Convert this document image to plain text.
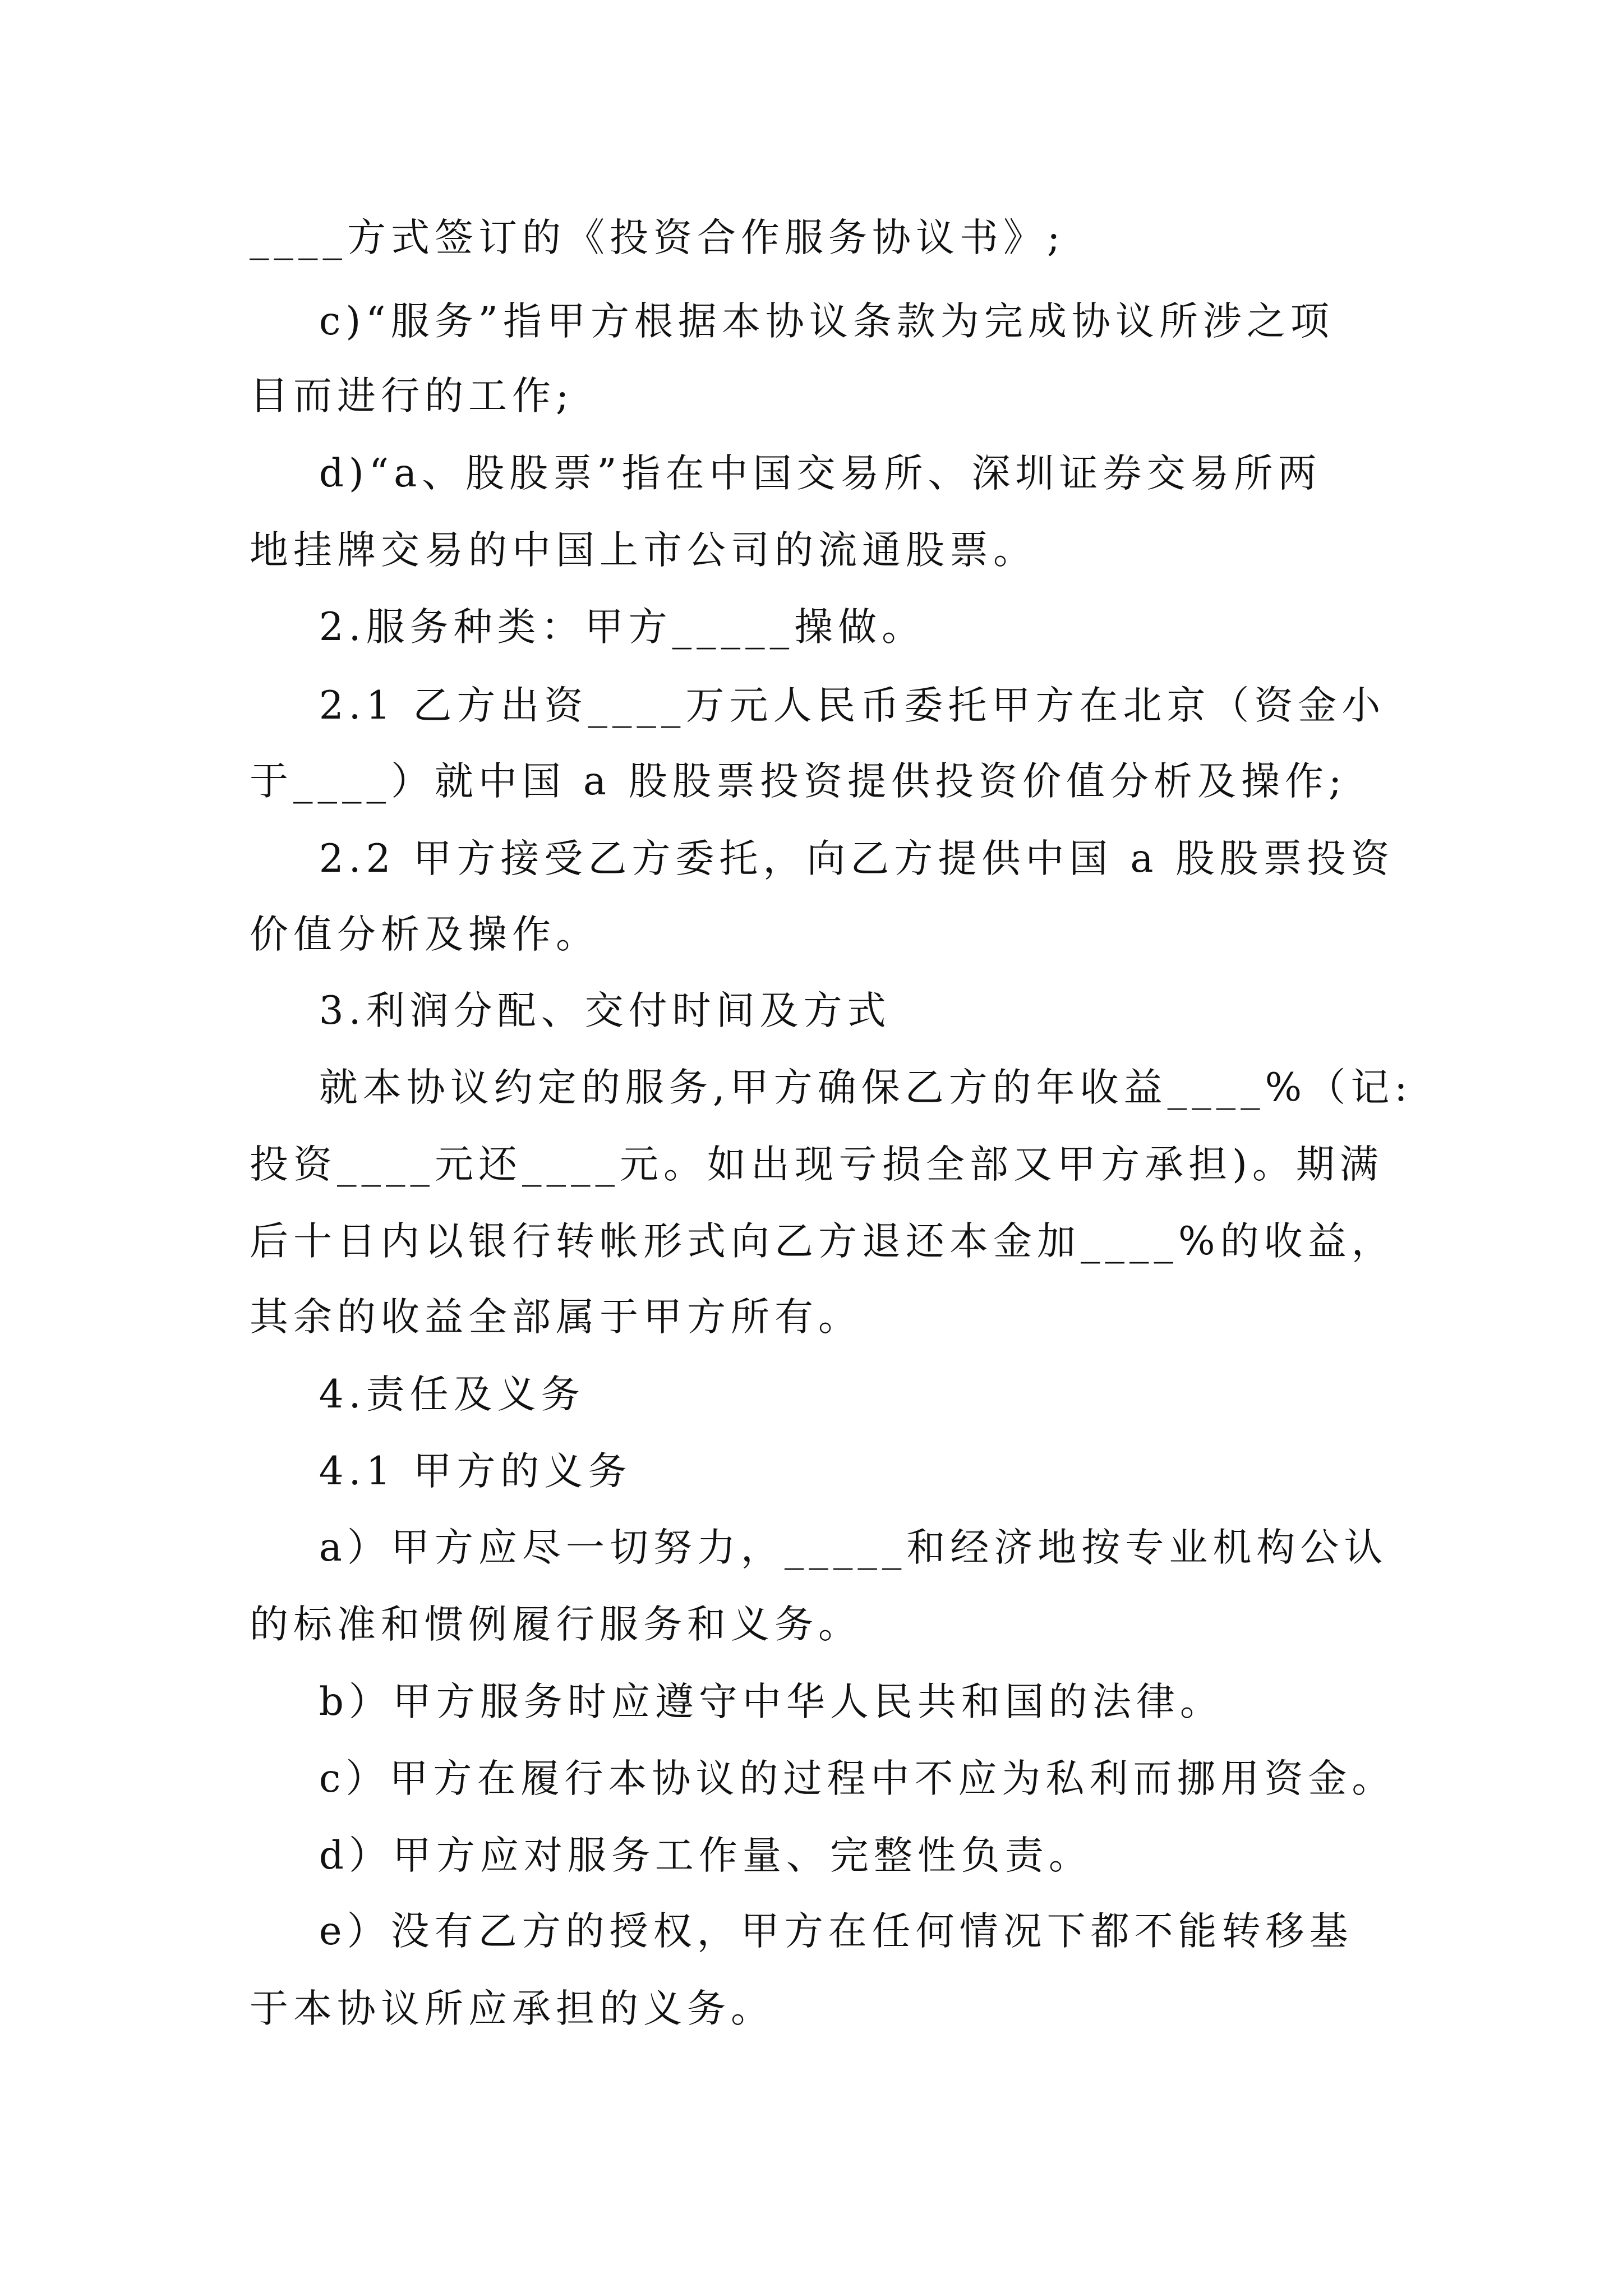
____方式签订的《投资合作服务协议书》;
c)“服务”指甲方根据本协议条款为完成协议所涉之项
目而进行的工作;
d)“a、股股票”指在中国交易所、深圳证券交易所两
地挂牌交易的中国上市公司的流通股票。
2.服务种类：甲方_____操做。
2.1 乙方出资____万元人民币委托甲方在北京（资金小
于____）就中国 a 股股票投资提供投资价值分析及操作;
2.2 甲方接受乙方委托，向乙方提供中国 a 股股票投资
价值分析及操作。
3.利润分配、交付时间及方式
就本协议约定的服务,甲方确保乙方的年收益____%（记:
投资____元还____元。如出现亏损全部又甲方承担)。期满
后十日内以银行转帐形式向乙方退还本金加____%的收益，
其余的收益全部属于甲方所有。
4.责任及义务
4.1 甲方的义务
a）甲方应尽一切努力，_____和经济地按专业机构公认
的标准和惯例履行服务和义务。
b）甲方服务时应遵守中华人民共和国的法律。
c）甲方在履行本协议的过程中不应为私利而挪用资金。
d）甲方应对服务工作量、完整性负责。
e）没有乙方的授权，甲方在任何情况下都不能转移基
于本协议所应承担的义务。
